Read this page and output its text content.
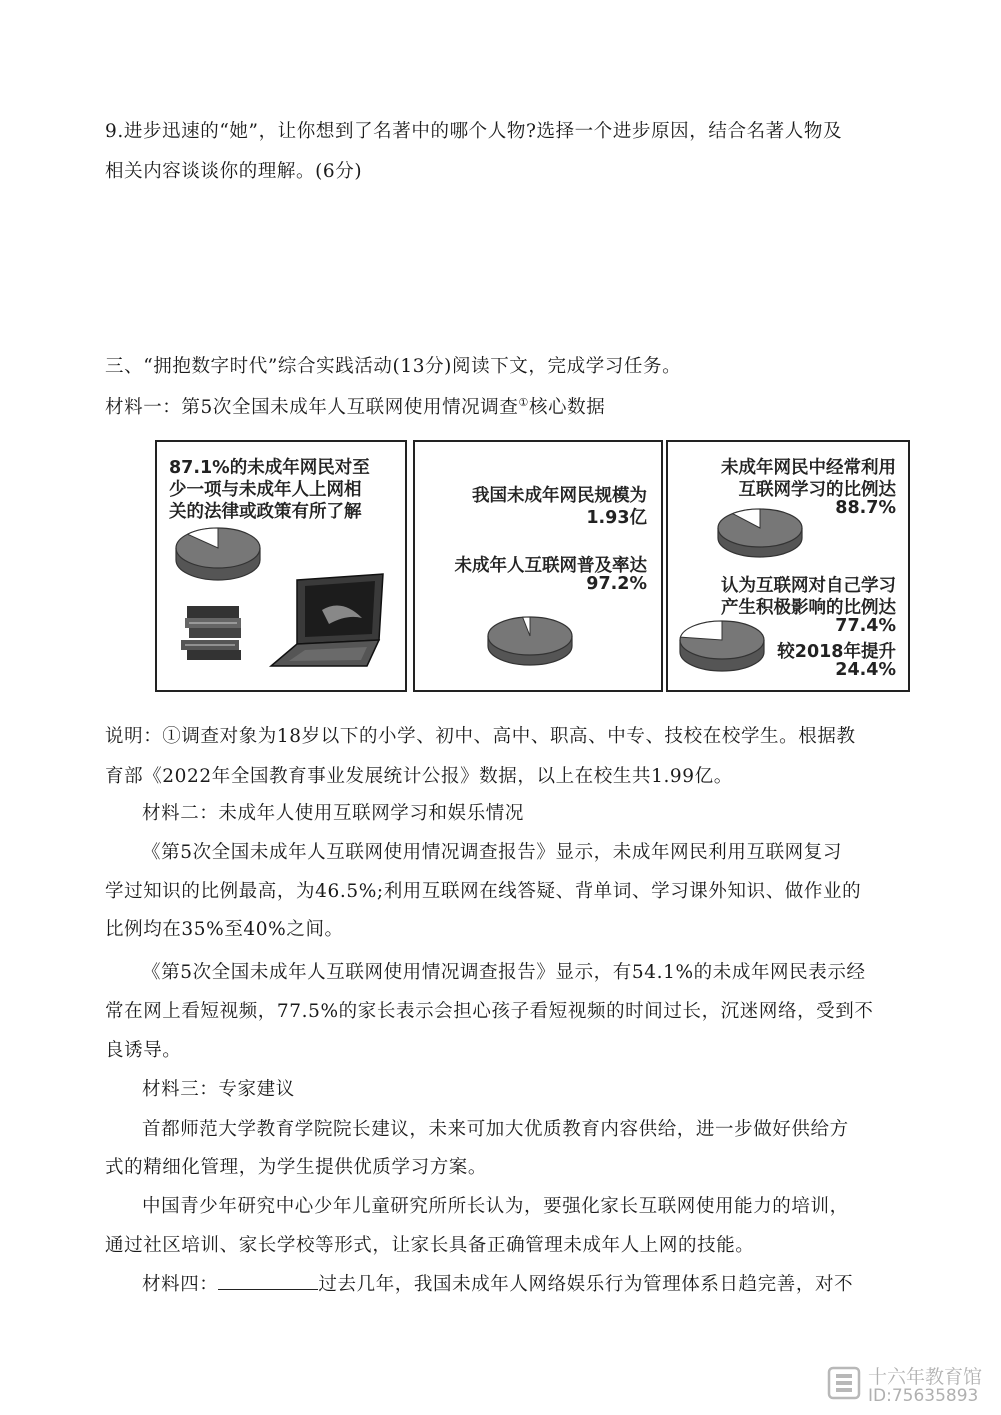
9.进步迅速的“她”，让你想到了名著中的哪个人物?选择一个进步原因，结合名著人物及
相关内容谈谈你的理解。(6分)
三、“拥抱数字时代”综合实践活动(13分)阅读下文，完成学习任务。
材料一：第5次全国未成年人互联网使用情况调查①核心数据
87.1%的未成年网民对至
少一项与未成年人上网相
关的法律或政策有所了解
我国未成年网民规模为
1.93亿
未成年人互联网普及率达
97.2%
未成年网民中经常利用
互联网学习的比例达
88.7%
认为互联网对自己学习
产生积极影响的比例达
77.4%
较2018年提升
24.4%
说明：①调查对象为18岁以下的小学、初中、高中、职高、中专、技校在校学生。根据教
育部《2022年全国教育事业发展统计公报》数据，以上在校生共1.99亿。
材料二：未成年人使用互联网学习和娱乐情况
《第5次全国未成年人互联网使用情况调查报告》显示，未成年网民利用互联网复习
学过知识的比例最高，为46.5%;利用互联网在线答疑、背单词、学习课外知识、做作业的
比例均在35%至40%之间。
《第5次全国未成年人互联网使用情况调查报告》显示，有54.1%的未成年网民表示经
常在网上看短视频，77.5%的家长表示会担心孩子看短视频的时间过长，沉迷网络，受到不
良诱导。
材料三：专家建议
首都师范大学教育学院院长建议，未来可加大优质教育内容供给，进一步做好供给方
式的精细化管理，为学生提供优质学习方案。
中国青少年研究中心少年儿童研究所所长认为，要强化家长互联网使用能力的培训，
通过社区培训、家长学校等形式，让家长具备正确管理未成年人上网的技能。
材料四：	过去几年，我国未成年人网络娱乐行为管理体系日趋完善，对不
十六年教育馆
ID:75635893
